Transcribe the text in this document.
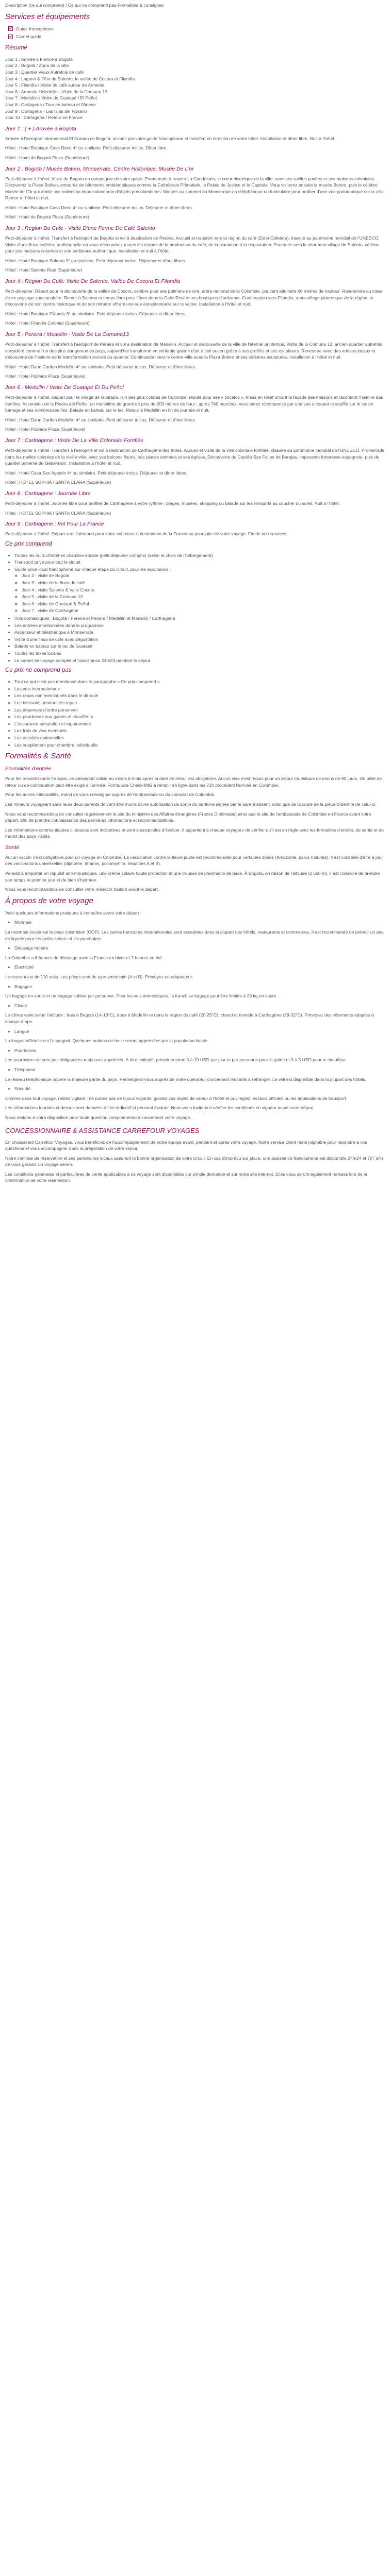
Description (ce qui comprend) / Ce qui ne comprend pas Formalités & consignes

Services et équipements
Guide francophone
Carnet guide
Résumé

Jour 1 : Arrivée à France à Bogotá

Jour 2 : Bogotá / Zona de la ville

Jour 3 : Quartier Vieux Autrefois de café

Jour 4 : Laguna & Fête de Salento, le vallée de Cocora et Filandia

Jour 5 : Filandia / Visite de café autour de Armenia

Jour 6 : Armenia / Medellin - Visite de la Comuna 13

Jour 7 : Medellin / Visite de Guatapé / El Peñol

Jour 8 : Cartagena / Tour en bateau et flânerie

Jour 9 : Cartagena - Las Islas del Rosario

Jour 10 : Cartagena / Retour en France

Jour 1 : ( + ) Arrivée à Bogota

Arrivée à l'aéroport international El Dorado de Bogotá, accueil par votre guide francophone et transfert en direction de votre hôtel. Installation et dîner libre. Nuit à l'hôtel.

Hôtel : Hotel Boutique Casa Deco 4* ou similaire. Petit-déjeuner inclus. Dîner libre.

Hôtel : Hotel de Bogotá Plaza (Supérieure)

Jour 2 : Bogota / Musée Botero, Monserrate, Centre Historique, Musée De L'or

Petit-déjeuner à l'hôtel. Visite de Bogota en compagnie de votre guide. Promenade à travers La Candelaria, le cœur historique de la ville, avec ses ruelles pavées et ses maisons coloniales. Découvrez la Place Bolivar, entourée de bâtiments emblématiques comme la Cathédrale Primatiale, le Palais de Justice et le Capitole. Vous visiterez ensuite le musée Botero, puis le célèbre Musée de l'Or qui abrite une collection impressionnante d'objets précolombiens. Montée au sommet du Monserrate en téléphérique ou funiculaire pour profiter d'une vue panoramique sur la ville. Retour à l'hôtel et nuit.

Hôtel : Hotel Boutique Casa Deco 4* ou similaire. Petit-déjeuner inclus. Déjeuner et dîner libres.

Hôtel : Hotel de Bogotá Plaza (Supérieure)

Jour 3 : Region Du Cafe - Visite D'une Ferme De Café Salento

Petit-déjeuner à l'hôtel. Transfert à l'aéroport de Bogota et vol à destination de Pereira. Accueil et transfert vers la région du café (Zona Cafetera), inscrite au patrimoine mondial de l'UNESCO. Visite d'une finca caféière traditionnelle où vous découvrirez toutes les étapes de la production du café, de la plantation à la dégustation. Poursuite vers le charmant village de Salento, célèbre pour ses maisons colorées et son ambiance authentique. Installation et nuit à l'hôtel.

Hôtel : Hotel Boutique Salento 3* ou similaire. Petit-déjeuner inclus. Déjeuner et dîner libres.

Hôtel : Hotel Salento Real (Supérieure)

Jour 4 : Région Du Café: Visite De Salento, Vallée De Cocora Et Filandia

Petit-déjeuner. Départ pour la découverte de la vallée de Cocora, célèbre pour ses palmiers de cire, arbre national de la Colombie, pouvant atteindre 60 mètres de hauteur. Randonnée au cœur de ce paysage spectaculaire. Retour à Salento et temps libre pour flâner dans la Calle Real et ses boutiques d'artisanat. Continuation vers Filandia, autre village pittoresque de la région, et découverte de son centre historique et de son mirador offrant une vue exceptionnelle sur la vallée. Installation à l'hôtel et nuit.

Hôtel : Hotel Boutique Filandia 3* ou similaire. Petit-déjeuner inclus. Déjeuner et dîner libres.

Hôtel : Hotel Filandia Colonial (Supérieure)

Jour 5 : Pereira / Medellin - Visite De La Comuna13

Petit-déjeuner à l'hôtel. Transfert à l'aéroport de Pereira et vol à destination de Medellin. Accueil et découverte de la ville de l'éternel printemps. Visite de la Comuna 13, ancien quartier autrefois considéré comme l'un des plus dangereux du pays, aujourd'hui transformé en véritable galerie d'art à ciel ouvert grâce à ses graffitis et ses escalators. Rencontre avec des artistes locaux et découverte de l'histoire de la transformation sociale du quartier. Continuation vers le centre-ville avec la Plaza Botero et ses célèbres sculptures. Installation à l'hôtel et nuit.

Hôtel : Hotel Dann Carlton Medellin 4* ou similaire. Petit-déjeuner inclus. Déjeuner et dîner libres.

Hôtel : Hotel Poblado Plaza (Supérieure)

Jour 6 : Medellin / Visite De Guatapé Et Du Peñol

Petit-déjeuner à l'hôtel. Départ pour le village de Guatapé, l'un des plus colorés de Colombie, réputé pour ses « zócalos », frises en relief ornant la façade des maisons et racontant l'histoire des familles. Ascension de la Piedra del Peñol, un monolithe de granit de plus de 200 mètres de haut : après 740 marches, vous serez récompensé par une vue à couper le souffle sur le lac de barrage et ses nombreuses îles. Balade en bateau sur le lac. Retour à Medellin en fin de journée et nuit.

Hôtel : Hotel Dann Carlton Medellin 4* ou similaire. Petit-déjeuner inclus. Déjeuner et dîner libres.

Hôtel : Hotel Poblado Plaza (Supérieure)

Jour 7 : Carthagene : Visite De La Ville Coloniale Fortifiée

Petit-déjeuner à l'hôtel. Transfert à l'aéroport et vol à destination de Carthagène des Indes. Accueil et visite de la ville coloniale fortifiée, classée au patrimoine mondial de l'UNESCO. Promenade dans les ruelles colorées de la vieille ville, avec ses balcons fleuris, ses places animées et ses églises. Découverte du Castillo San Felipe de Barajas, imposante forteresse espagnole, puis du quartier bohème de Getsemaní. Installation à l'hôtel et nuit.

Hôtel : Hotel Casa San Agustin 4* ou similaire. Petit-déjeuner inclus. Déjeuner et dîner libres.

Hôtel : HOTEL SOPHIA / SANTA CLARA (Supérieure)

Jour 8 : Carthagene : Journée Libre

Petit-déjeuner à l'hôtel. Journée libre pour profiter de Carthagène à votre rythme : plages, musées, shopping ou balade sur les remparts au coucher du soleil. Nuit à l'hôtel.

Hôtel : HOTEL SOPHIA / SANTA CLARA (Supérieure)

Jour 9 : Carthagene : Vol Pour La France

Petit-déjeuner à l'hôtel. Départ vers l'aéroport pour votre vol retour à destination de la France ou poursuite de votre voyage. Fin de nos services.

Ce prix comprend
• Toutes les nuits d'hôtel en chambre double (petit-déjeuner compris) (selon le choix de l'hébergement)
• Transport privé pour tout le circuit
• Guide privé local francophone sur chaque étape du circuit, pour les excursions :
◦ Jour 2 : visite de Bogotá
◦ Jour 3 : visite de la finca de café
◦ Jour 4 : visite Salento & Valle Cocora
◦ Jour 5 : visite de la Comuna 13
◦ Jour 6 : visite de Guatapé & Peñol
◦ Jour 7 : visite de Carthagène
• Vols domestiques : Bogotá / Pereira et Pereira / Medellin et Medellin / Carthagène
• Les entrées mentionnées dans le programme
• Ascenseur et téléphérique à Monserrate
• Visite d'une finca de café avec dégustation
• Balade en bateau sur le lac de Guatapé
• Toutes les taxes locales
• Le carnet de voyage complet et l'assistance 24h/24 pendant le séjour
Ce prix ne comprend pas
• Tout ce qui n'est pas mentionné dans le paragraphe « Ce prix comprend »
• Les vols internationaux
• Les repas non mentionnés dans le déroulé
• Les boissons pendant les repas
• Les dépenses d'ordre personnel
• Les pourboires aux guides et chauffeurs
• L'assurance annulation et rapatriement
• Les frais de visa éventuels
• Les activités optionnelles
• Les supplément pour chambre individuelle
Formalités & Santé
Formalités d'entrée

Pour les ressortissants français, un passeport valide au moins 6 mois après la date de retour est obligatoire. Aucun visa n'est requis pour un séjour touristique de moins de 90 jours. Un billet de retour ou de continuation peut être exigé à l'arrivée. Formulaire Check-MIG à remplir en ligne dans les 72h précédant l'arrivée en Colombie.

Pour les autres nationalités, merci de vous renseigner auprès de l'ambassade ou du consulat de Colombie.

Les mineurs voyageant sans leurs deux parents doivent être munis d'une autorisation de sortie du territoire signée par le parent absent, ainsi que de la copie de la pièce d'identité de celui-ci.

Nous vous recommandons de consulter régulièrement le site du ministère des Affaires étrangères (France Diplomatie) ainsi que le site de l'ambassade de Colombie en France avant votre départ, afin de prendre connaissance des dernières informations et recommandations.

Les informations communiquées ci-dessus sont indicatives et sont susceptibles d'évoluer. Il appartient à chaque voyageur de vérifier qu'il est en règle avec les formalités d'entrée, de sortie et de transit des pays visités.

Santé

Aucun vaccin n'est obligatoire pour un voyage en Colombie. La vaccination contre la fièvre jaune est recommandée pour certaines zones (Amazonie, parcs naturels). Il est conseillé d'être à jour des vaccinations universelles (diphtérie, tétanos, poliomyélite, hépatites A et B).

Pensez à emporter un répulsif anti-moustiques, une crème solaire haute protection et une trousse de pharmacie de base. À Bogotá, en raison de l'altitude (2 600 m), il est conseillé de prendre son temps le premier jour et de bien s'hydrater.

Nous vous recommandons de consulter votre médecin traitant avant le départ.

À propos de votre voyage

Voici quelques informations pratiques à connaître avant votre départ :

• Monnaie

La monnaie locale est le peso colombien (COP). Les cartes bancaires internationales sont acceptées dans la plupart des hôtels, restaurants et commerces. Il est recommandé de prévoir un peu de liquide pour les petits achats et les pourboires.

• Décalage horaire

La Colombie a 6 heures de décalage avec la France en hiver et 7 heures en été.

• Électricité

Le courant est de 110 volts. Les prises sont de type américain (A et B). Prévoyez un adaptateur.

• Bagages

Un bagage en soute et un bagage cabine par personne. Pour les vols domestiques, la franchise bagage peut être limitée à 23 kg en soute.

• Climat

Le climat varie selon l'altitude : frais à Bogotá (14-18°C), doux à Medellin et dans la région du café (20-25°C), chaud et humide à Carthagène (28-32°C). Prévoyez des vêtements adaptés à chaque étape.

• Langue

La langue officielle est l'espagnol. Quelques notions de base seront appréciées par la population locale.

• Pourboires

Les pourboires ne sont pas obligatoires mais sont appréciés. À titre indicatif, prévoir environ 5 à 10 USD par jour et par personne pour le guide et 3 à 5 USD pour le chauffeur.

• Téléphone

Le réseau téléphonique couvre la majeure partie du pays. Renseignez-vous auprès de votre opérateur concernant les tarifs à l'étranger. Le wifi est disponible dans la plupart des hôtels.

• Sécurité

Comme dans tout voyage, restez vigilant : ne portez pas de bijoux voyants, gardez vos objets de valeur à l'hôtel et privilégiez les taxis officiels ou les applications de transport.

Les informations fournies ci-dessus sont données à titre indicatif et peuvent évoluer. Nous vous invitons à vérifier les conditions en vigueur avant votre départ.

Nous restons à votre disposition pour toute question complémentaire concernant votre voyage.

CONCESSIONNAIRE & ASSISTANCE CARREFOUR VOYAGES

En choisissant Carrefour Voyages, vous bénéficiez de l'accompagnement de notre équipe avant, pendant et après votre voyage. Notre service client reste joignable pour répondre à vos questions et vous accompagner dans la préparation de votre séjour.

Notre centrale de réservation et ses partenaires locaux assurent la bonne organisation de votre circuit. En cas d'imprévu sur place, une assistance francophone est disponible 24h/24 et 7j/7 afin de vous garantir un voyage serein.

Les conditions générales et particulières de vente applicables à ce voyage sont disponibles sur simple demande et sur notre site internet. Elles vous seront également remises lors de la confirmation de votre réservation.
